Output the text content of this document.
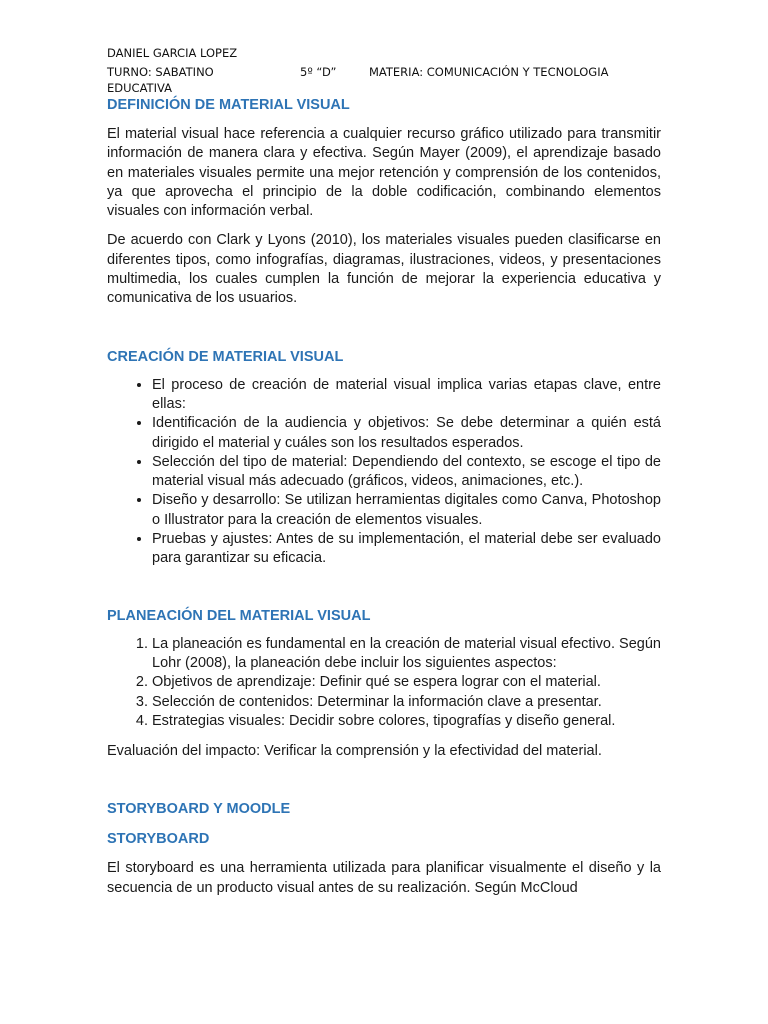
DANIEL GARCIA LOPEZ
TURNO: SABATINO	5º “D”	MATERIA: COMUNICACIÓN Y TECNOLOGIA
EDUCATIVA
DEFINICIÓN DE MATERIAL VISUAL

El material visual hace referencia a cualquier recurso gráfico utilizado para transmitir información de manera clara y efectiva. Según Mayer (2009), el aprendizaje basado en materiales visuales permite una mejor retención y comprensión de los contenidos, ya que aprovecha el principio de la doble codificación, combinando elementos visuales con información verbal.

De acuerdo con Clark y Lyons (2010), los materiales visuales pueden clasificarse en diferentes tipos, como infografías, diagramas, ilustraciones, videos, y presentaciones multimedia, los cuales cumplen la función de mejorar la experiencia educativa y comunicativa de los usuarios.

CREACIÓN DE MATERIAL VISUAL
• El proceso de creación de material visual implica varias etapas clave, entre ellas:
• Identificación de la audiencia y objetivos: Se debe determinar a quién está dirigido el material y cuáles son los resultados esperados.
• Selección del tipo de material: Dependiendo del contexto, se escoge el tipo de material visual más adecuado (gráficos, videos, animaciones, etc.).
• Diseño y desarrollo: Se utilizan herramientas digitales como Canva, Photoshop o Illustrator para la creación de elementos visuales.
• Pruebas y ajustes: Antes de su implementación, el material debe ser evaluado para garantizar su eficacia.
PLANEACIÓN DEL MATERIAL VISUAL
1. La planeación es fundamental en la creación de material visual efectivo. Según Lohr (2008), la planeación debe incluir los siguientes aspectos:
2. Objetivos de aprendizaje: Definir qué se espera lograr con el material.
3. Selección de contenidos: Determinar la información clave a presentar.
4. Estrategias visuales: Decidir sobre colores, tipografías y diseño general.

Evaluación del impacto: Verificar la comprensión y la efectividad del material.

STORYBOARD Y MOODLE
STORYBOARD

El storyboard es una herramienta utilizada para planificar visualmente el diseño y la secuencia de un producto visual antes de su realización. Según McCloud
